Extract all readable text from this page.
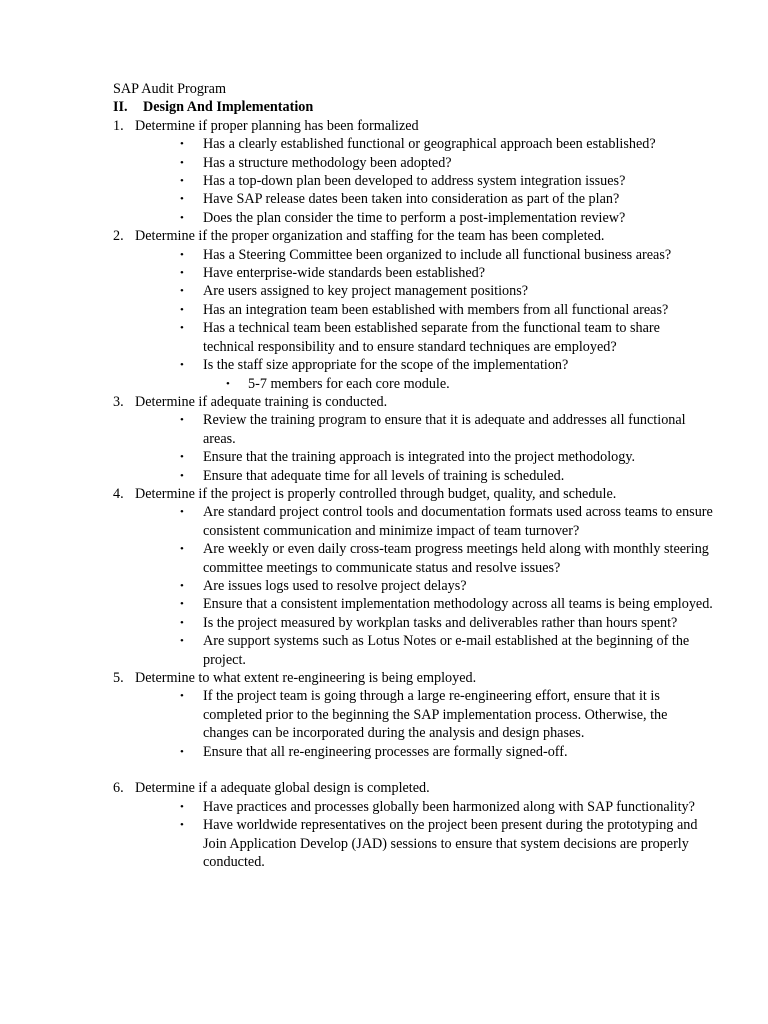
SAP Audit Program

II. Design And Implementation

1. Determine if proper planning has been formalized
• Has a clearly established functional or geographical approach been established?
• Has a structure methodology been adopted?
• Has a top-down plan been developed to address system integration issues?
• Have SAP release dates been taken into consideration as part of the plan?
• Does the plan consider the time to perform a post-implementation review?
2. Determine if the proper organization and staffing for the team has been completed.
• Has a Steering Committee been organized to include all functional business areas?
• Have enterprise-wide standards been established?
• Are users assigned to key project management positions?
• Has an integration team been established with members from all functional areas?
• Has a technical team been established separate from the functional team to share technical responsibility and to ensure standard techniques are employed?
• Is the staff size appropriate for the scope of the implementation?
• 5-7 members for each core module.
3. Determine if adequate training is conducted.
• Review the training program to ensure that it is adequate and addresses all functional areas.
• Ensure that the training approach is integrated into the project methodology.
• Ensure that adequate time for all levels of training is scheduled.
4. Determine if the project is properly controlled through budget, quality, and schedule.
• Are standard project control tools and documentation formats used across teams to ensure consistent communication and minimize impact of team turnover?
• Are weekly or even daily cross-team progress meetings held along with monthly steering committee meetings to communicate status and resolve issues?
• Are issues logs used to resolve project delays?
• Ensure that a consistent implementation methodology across all teams is being employed.
• Is the project measured by workplan tasks and deliverables rather than hours spent?
• Are support systems such as Lotus Notes or e-mail established at the beginning of the project.
5. Determine to what extent re-engineering is being employed.
• If the project team is going through a large re-engineering effort, ensure that it is completed prior to the beginning the SAP implementation process. Otherwise, the changes can be incorporated during the analysis and design phases.
• Ensure that all re-engineering processes are formally signed-off.
6. Determine if a adequate global design is completed.
• Have practices and processes globally been harmonized along with SAP functionality?
• Have worldwide representatives on the project been present during the prototyping and Join Application Develop (JAD) sessions to ensure that system decisions are properly conducted.
